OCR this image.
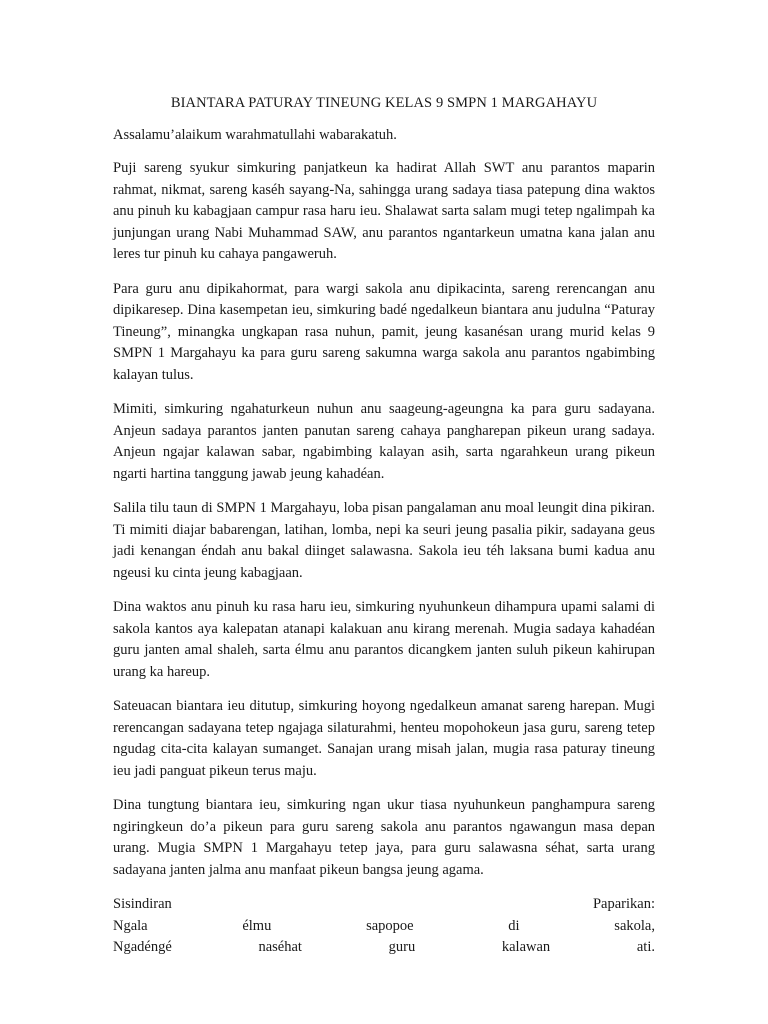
BIANTARA PATURAY TINEUNG KELAS 9 SMPN 1 MARGAHAYU
Assalamu’alaikum warahmatullahi wabarakatuh.

Puji sareng syukur simkuring panjatkeun ka hadirat Allah SWT anu parantos maparin rahmat, nikmat, sareng kaséh sayang-Na, sahingga urang sadaya tiasa patepung dina waktos anu pinuh ku kabagjaan campur rasa haru ieu. Shalawat sarta salam mugi tetep ngalimpah ka junjungan urang Nabi Muhammad SAW, anu parantos ngantarkeun umatna kana jalan anu leres tur pinuh ku cahaya pangaweruh.

Para guru anu dipikahormat, para wargi sakola anu dipikacinta, sareng rerencangan anu dipikaresep. Dina kasempetan ieu, simkuring badé ngedalkeun biantara anu judulna “Paturay Tineung”, minangka ungkapan rasa nuhun, pamit, jeung kasanésan urang murid kelas 9 SMPN 1 Margahayu ka para guru sareng sakumna warga sakola anu parantos ngabimbing kalayan tulus.

Mimiti, simkuring ngahaturkeun nuhun anu saageung-ageungna ka para guru sadayana. Anjeun sadaya parantos janten panutan sareng cahaya pangharepan pikeun urang sadaya. Anjeun ngajar kalawan sabar, ngabimbing kalayan asih, sarta ngarahkeun urang pikeun ngarti hartina tanggung jawab jeung kahadéan.

Salila tilu taun di SMPN 1 Margahayu, loba pisan pangalaman anu moal leungit dina pikiran. Ti mimiti diajar babarengan, latihan, lomba, nepi ka seuri jeung pasalia pikir, sadayana geus jadi kenangan éndah anu bakal diinget salawasna. Sakola ieu téh laksana bumi kadua anu ngeusi ku cinta jeung kabagjaan.

Dina waktos anu pinuh ku rasa haru ieu, simkuring nyuhunkeun dihampura upami salami di sakola kantos aya kalepatan atanapi kalakuan anu kirang merenah. Mugia sadaya kahadéan guru janten amal shaleh, sarta élmu anu parantos dicangkem janten suluh pikeun kahirupan urang ka hareup.

Sateuacan biantara ieu ditutup, simkuring hoyong ngedalkeun amanat sareng harepan. Mugi rerencangan sadayana tetep ngajaga silaturahmi, henteu mopohokeun jasa guru, sareng tetep ngudag cita-cita kalayan sumanget. Sanajan urang misah jalan, mugia rasa paturay tineung ieu jadi panguat pikeun terus maju.

Dina tungtung biantara ieu, simkuring ngan ukur tiasa nyuhunkeun panghampura sareng ngiringkeun do’a pikeun para guru sareng sakola anu parantos ngawangun masa depan urang. Mugia SMPN 1 Margahayu tetep jaya, para guru salawasna séhat, sarta urang sadayana janten jalma anu manfaat pikeun bangsa jeung agama.

Sisindiran	Paparikan:
Ngala	élmu	sapopoe	di	sakola,
Ngadéngé	naséhat	guru	kalawan	ati.
